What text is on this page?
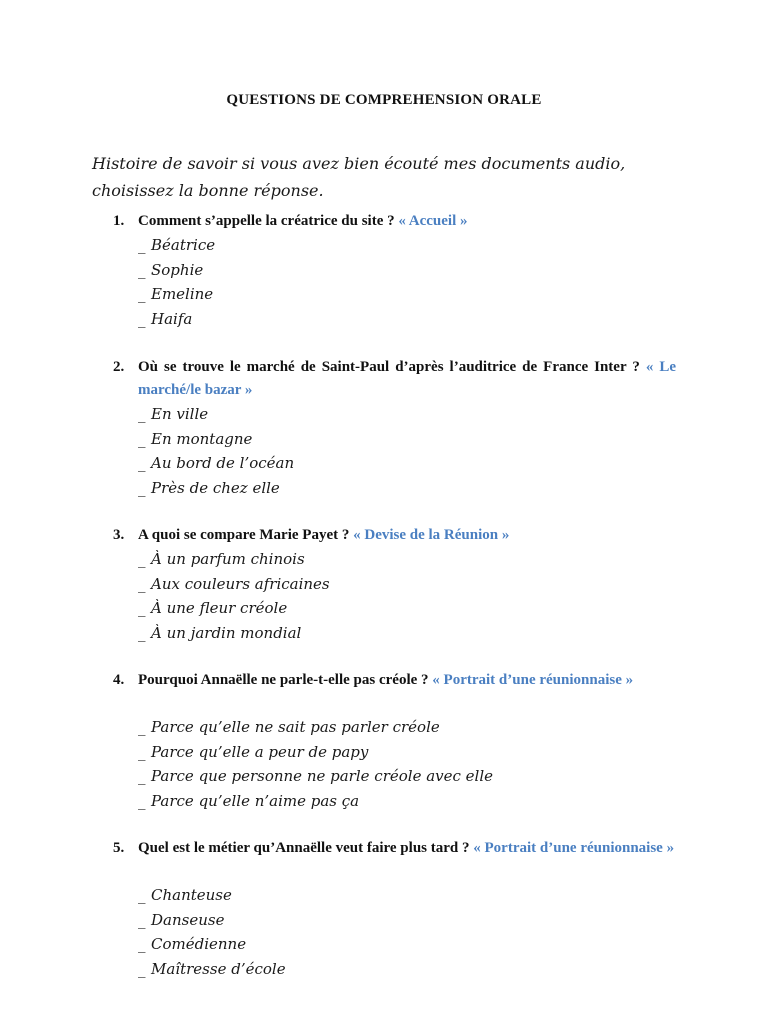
QUESTIONS DE COMPREHENSION ORALE
Histoire de savoir si vous avez bien écouté mes documents audio, choisissez la bonne réponse.
1. Comment s’appelle la créatrice du site ? « Accueil »
_ Béatrice
_ Sophie
_ Emeline
_ Haifa
2. Où se trouve le marché de Saint-Paul d’après l’auditrice de France Inter ? « Le marché/le bazar »
_ En ville
_ En montagne
_ Au bord de l’océan
_ Près de chez elle
3. A quoi se compare Marie Payet ? « Devise de la Réunion »
_ À un parfum chinois
_ Aux couleurs africaines
_ À une fleur créole
_ À un jardin mondial
4. Pourquoi Annaëlle ne parle-t-elle pas créole ? « Portrait d’une réunionnaise »
_ Parce qu’elle ne sait pas parler créole
_ Parce qu’elle a peur de papy
_ Parce que personne ne parle créole avec elle
_ Parce qu’elle n’aime pas ça
5. Quel est le métier qu’Annaëlle veut faire plus tard ? « Portrait d’une réunionnaise »
_ Chanteuse
_ Danseuse
_ Comédienne
_ Maîtresse d’école
